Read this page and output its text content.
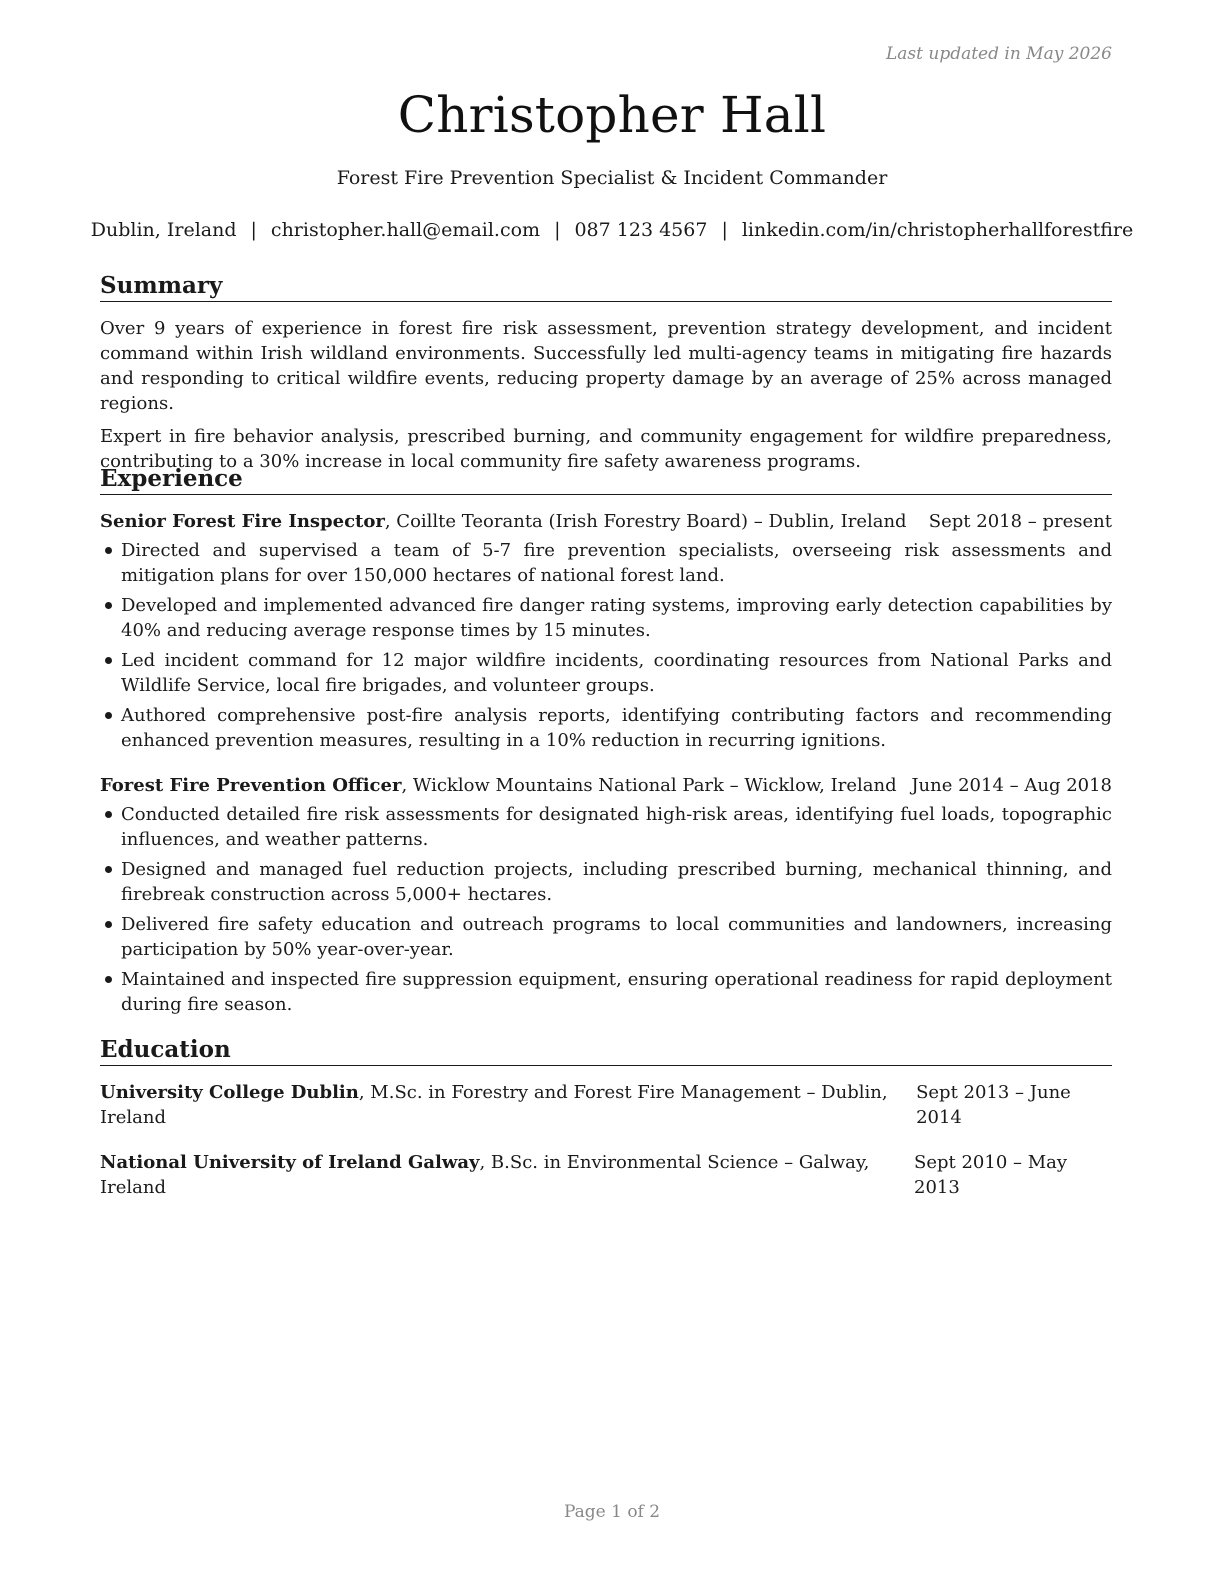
Last updated in May 2026
Christopher Hall
Forest Fire Prevention Specialist & Incident Commander
Dublin, Ireland | christopher.hall@email.com | 087 123 4567 | linkedin.com/in/christopherhallforestfire
Summary

Over 9 years of experience in forest fire risk assessment, prevention strategy development, and incident command within Irish wildland environments. Successfully led multi-agency teams in mitigating fire hazards and responding to critical wildfire events, reducing property damage by an average of 25% across managed regions.

Expert in fire behavior analysis, prescribed burning, and community engagement for wildfire preparedness, contributing to a 30% increase in local community fire safety awareness programs.

Experience
Senior Forest Fire Inspector, Coillte Teoranta (Irish Forestry Board) – Dublin, Ireland Sept 2018 – present
Directed and supervised a team of 5-7 fire prevention specialists, overseeing risk assessments and mitigation plans for over 150,000 hectares of national forest land.
Developed and implemented advanced fire danger rating systems, improving early detection capabilities by 40% and reducing average response times by 15 minutes.
Led incident command for 12 major wildfire incidents, coordinating resources from National Parks and Wildlife Service, local fire brigades, and volunteer groups.
Authored comprehensive post-fire analysis reports, identifying contributing factors and recommending enhanced prevention measures, resulting in a 10% reduction in recurring ignitions.
Forest Fire Prevention Officer, Wicklow Mountains National Park – Wicklow, Ireland June 2014 – Aug 2018
Conducted detailed fire risk assessments for designated high-risk areas, identifying fuel loads, topographic influences, and weather patterns.
Designed and managed fuel reduction projects, including prescribed burning, mechanical thinning, and firebreak construction across 5,000+ hectares.
Delivered fire safety education and outreach programs to local communities and landowners, increasing participation by 50% year-over-year.
Maintained and inspected fire suppression equipment, ensuring operational readiness for rapid deployment during fire season.
Education
University College Dublin, M.Sc. in Forestry and Forest Fire Management – Dublin, Ireland
Sept 2013 – June 2014
National University of Ireland Galway, B.Sc. in Environmental Science – Galway, Ireland
Sept 2010 – May 2013
Page 1 of 2
